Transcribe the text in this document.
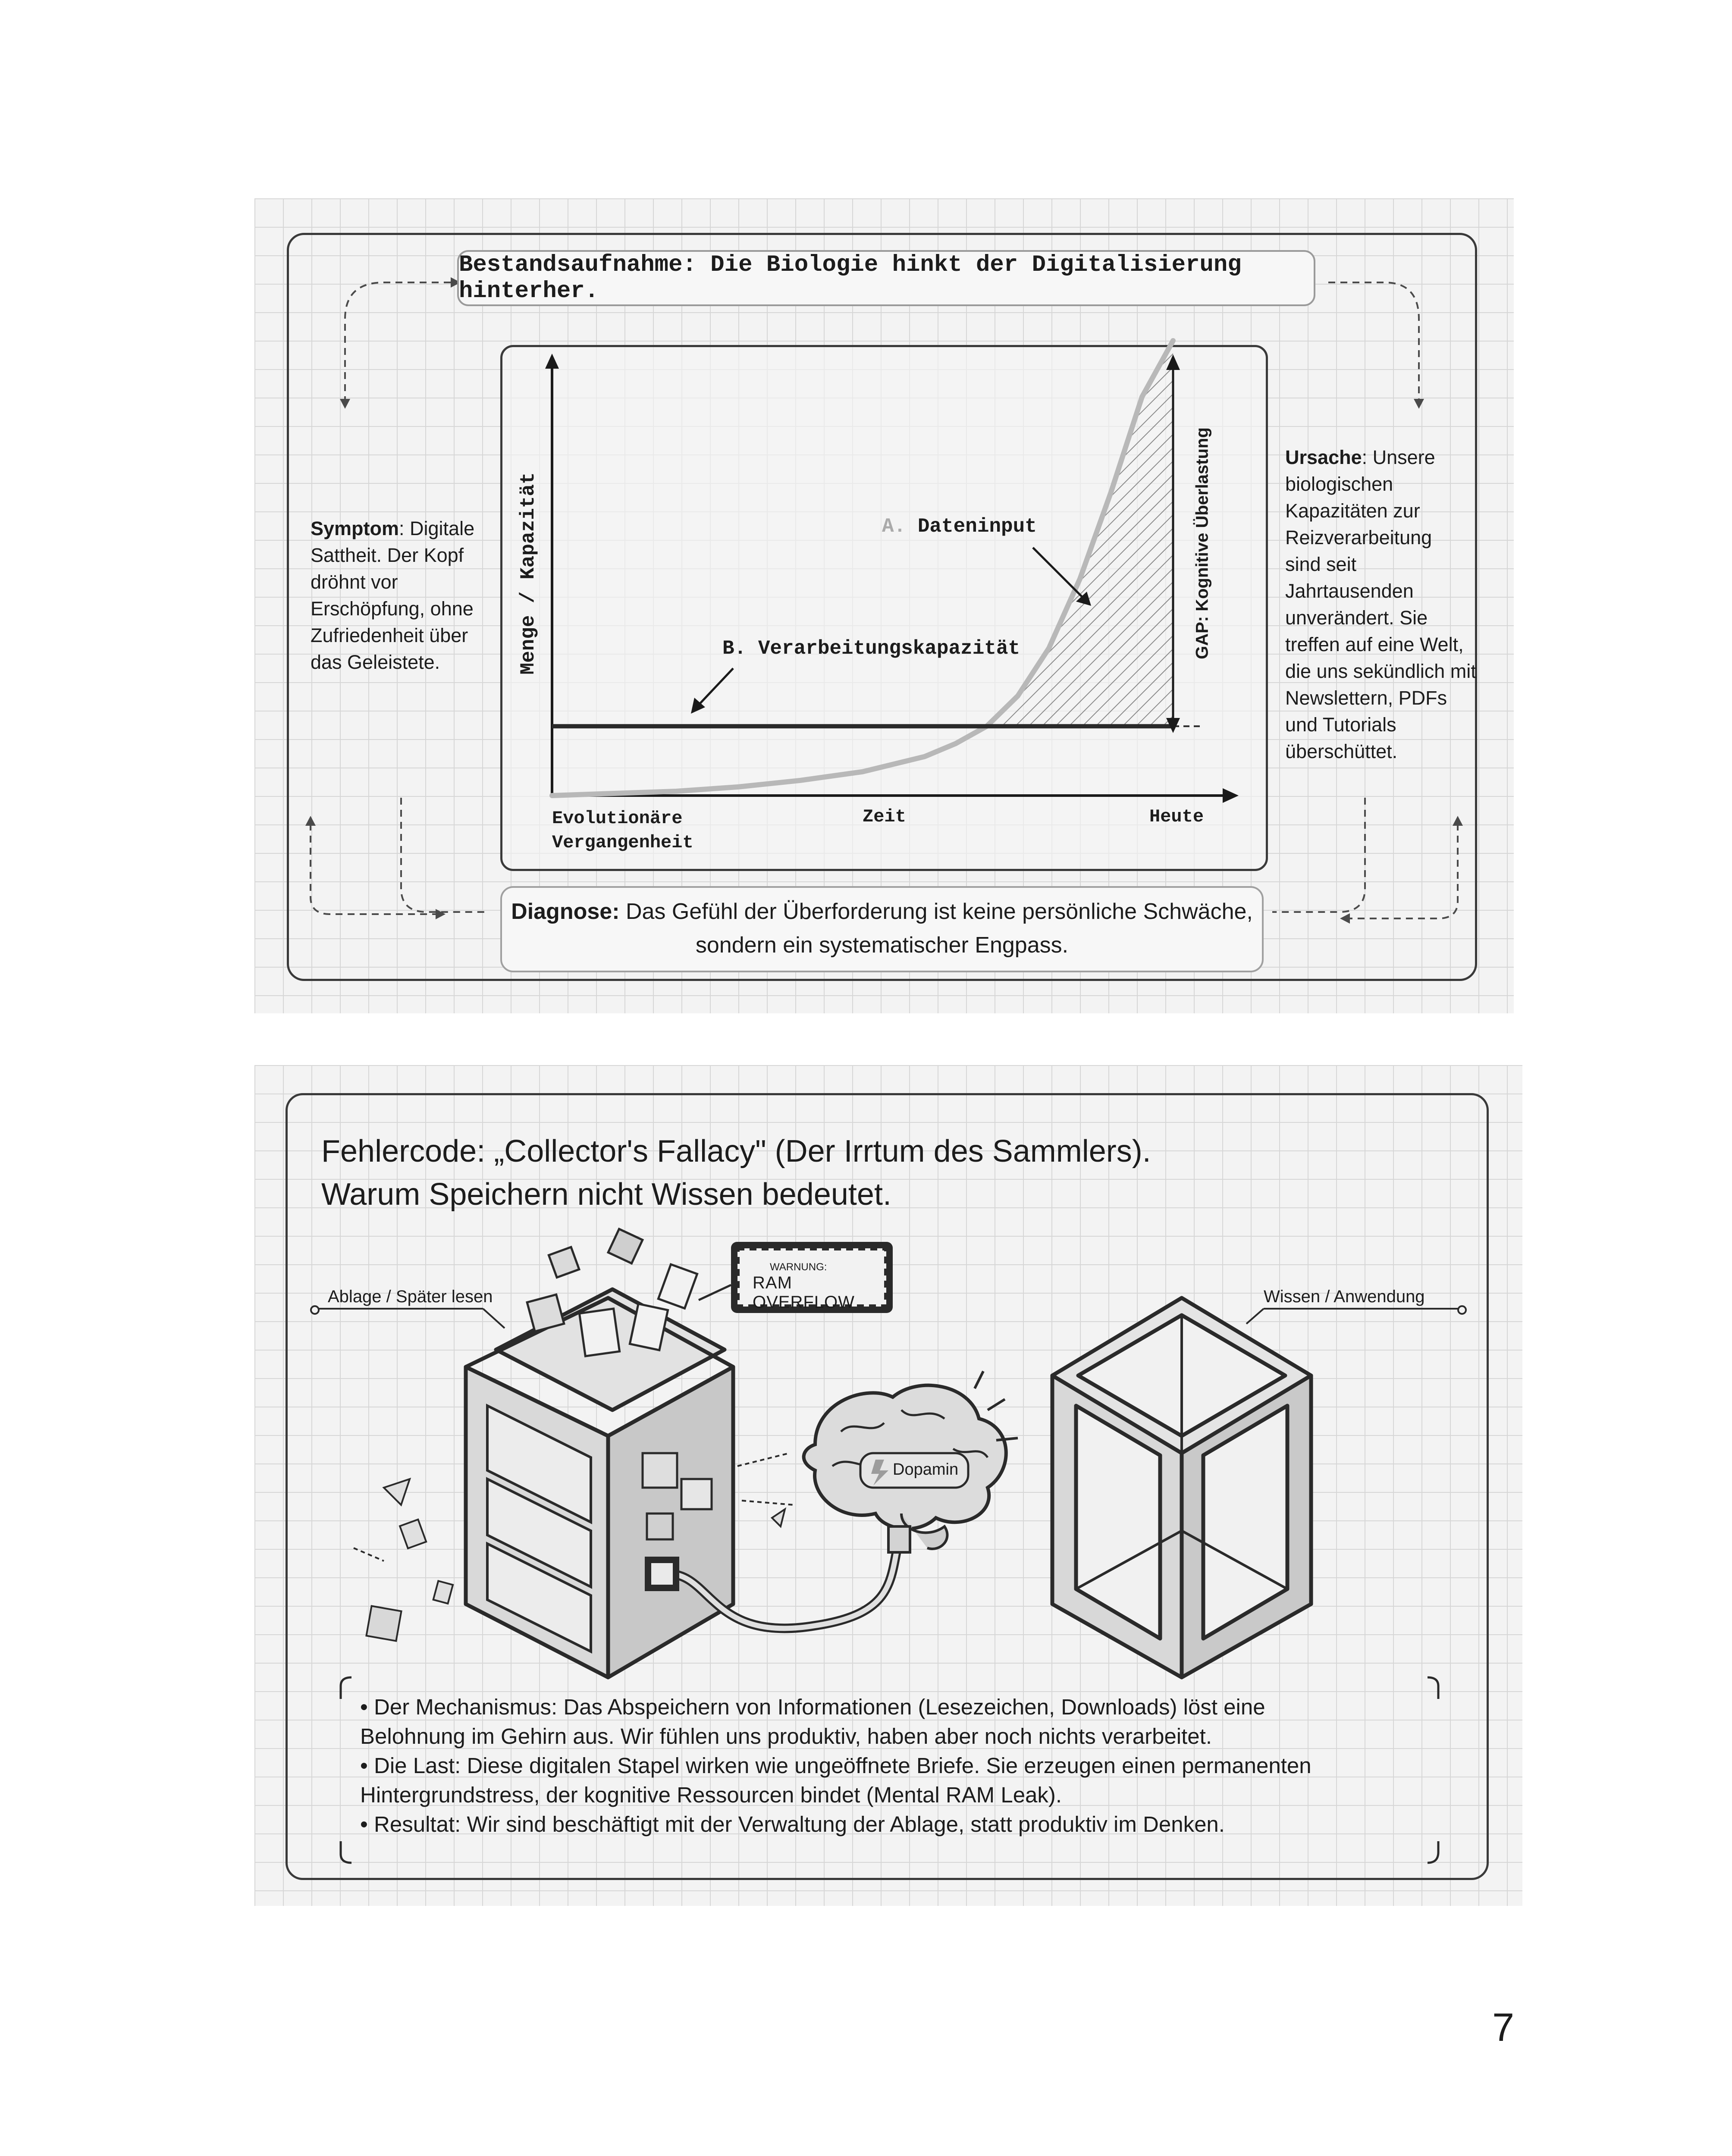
Bestandsaufnahme: Die Biologie hinkt der Digitalisierung hinterher.
Menge / Kapazität	GAP: Kognitive Überlastung
A. Dateninput
B. Verarbeitungskapazität
Evolutionäre
Vergangenheit
Zeit	Heute
Symptom: Digitale
Sattheit. Der Kopf
dröhnt vor
Erschöpfung, ohne
Zufriedenheit über
das Geleistete.
Ursache: Unsere
biologischen
Kapazitäten zur
Reizverarbeitung
sind seit
Jahrtausenden
unverändert. Sie
treffen auf eine Welt,
die uns sekündlich mit
Newslettern, PDFs
und Tutorials
überschüttet.
Diagnose: Das Gefühl der Überforderung ist keine persönliche Schwäche,
sondern ein systematischer Engpass.
Fehlercode: „Collector's Fallacy" (Der Irrtum des Sammlers).
Warum Speichern nicht Wissen bedeutet.
Ablage / Später lesen	Wissen / Anwendung
WARNUNG:
RAM OVERFLOW
Dopamin

• Der Mechanismus: Das Abspeichern von Informationen (Lesezeichen, Downloads) löst eine

Belohnung im Gehirn aus. Wir fühlen uns produktiv, haben aber noch nichts verarbeitet.

• Die Last: Diese digitalen Stapel wirken wie ungeöffnete Briefe. Sie erzeugen einen permanenten

Hintergrundstress, der kognitive Ressourcen bindet (Mental RAM Leak).

• Resultat: Wir sind beschäftigt mit der Verwaltung der Ablage, statt produktiv im Denken.

7
